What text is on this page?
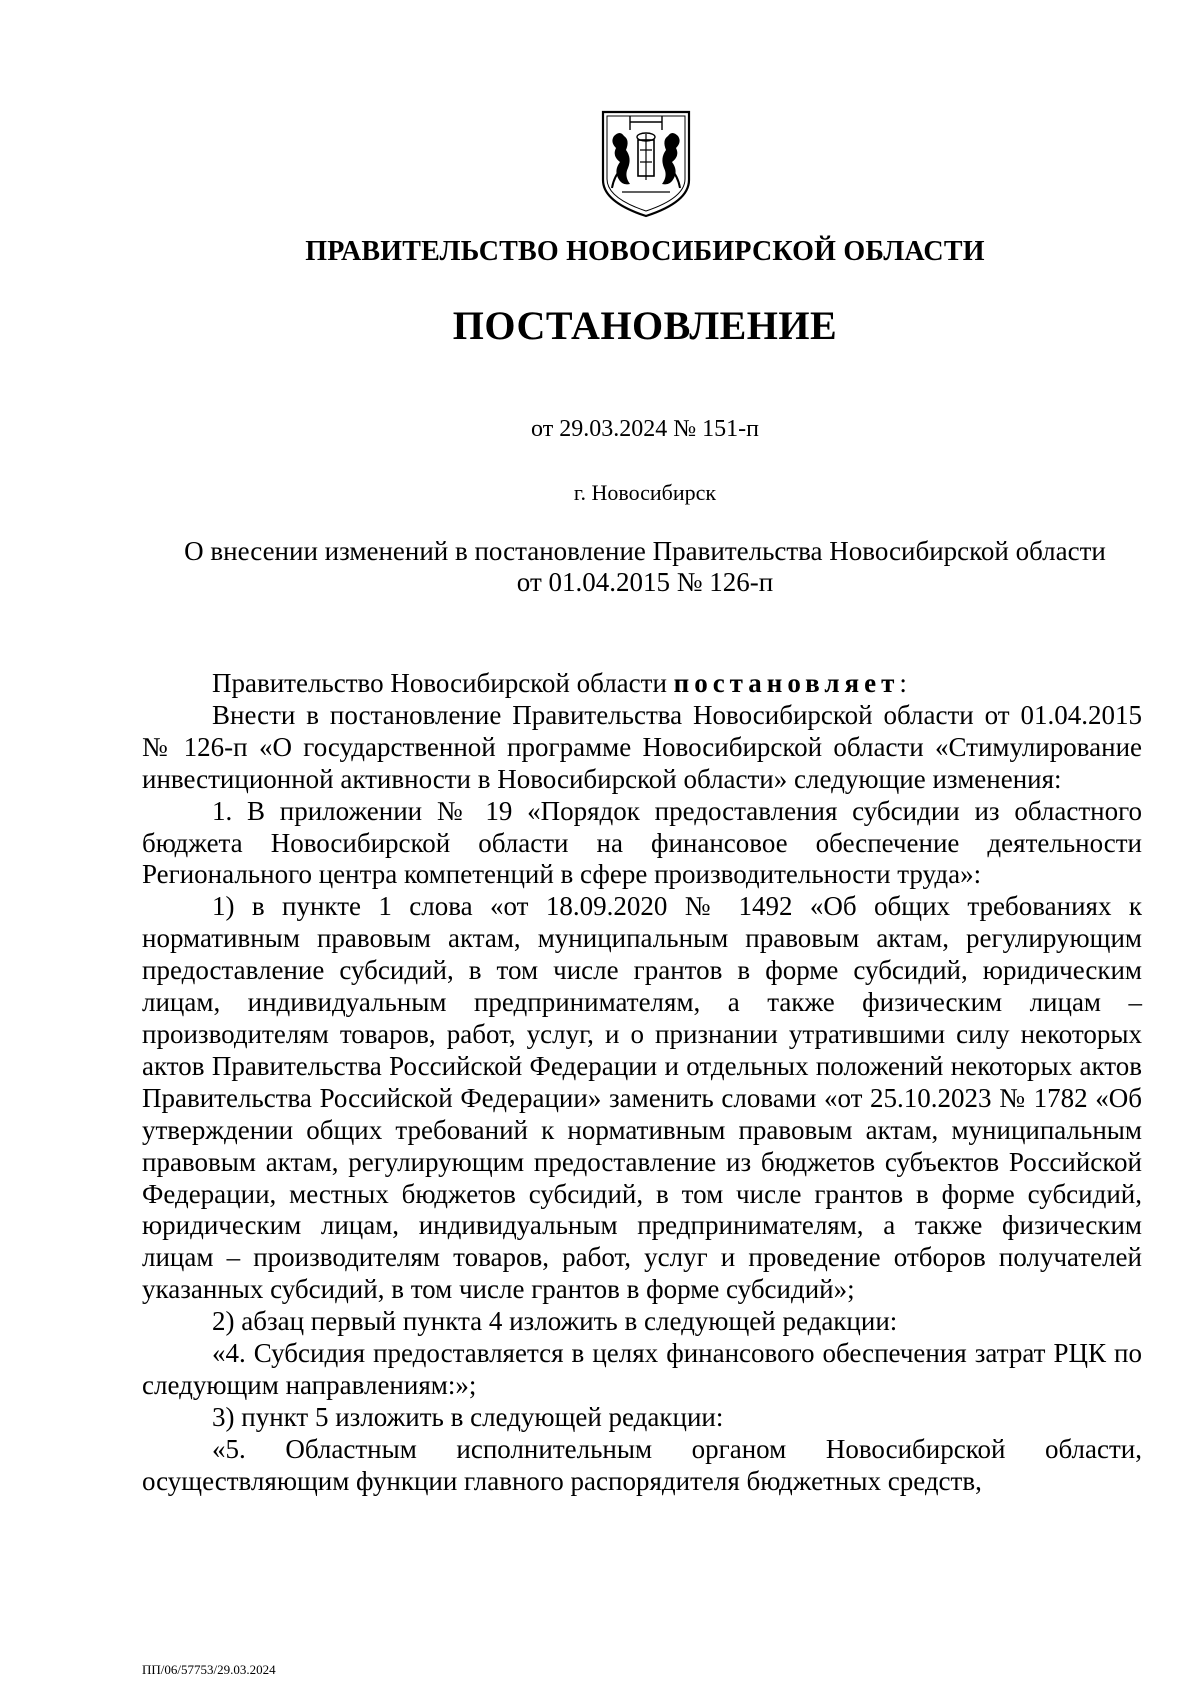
ПРАВИТЕЛЬСТВО НОВОСИБИРСКОЙ ОБЛАСТИ
ПОСТАНОВЛЕНИЕ
от 29.03.2024 № 151-п
г. Новосибирск
О внесении изменений в постановление Правительства Новосибирской области
от 01.04.2015 № 126-п

Правительство Новосибирской области постановляет:

Внести в постановление Правительства Новосибирской области от 01.04.2015 № 126-п «О государственной программе Новосибирской области «Стимулирование инвестиционной активности в Новосибирской области» следующие изменения:

1. В приложении № 19 «Порядок предоставления субсидии из областного бюджета Новосибирской области на финансовое обеспечение деятельности Регионального центра компетенций в сфере производительности труда»:

1) в пункте 1 слова «от 18.09.2020 № 1492 «Об общих требованиях к нормативным правовым актам, муниципальным правовым актам, регулирующим предоставление субсидий, в том числе грантов в форме субсидий, юридическим лицам, индивидуальным предпринимателям, а также физическим лицам – производителям товаров, работ, услуг, и о признании утратившими силу некоторых актов Правительства Российской Федерации и отдельных положений некоторых актов Правительства Российской Федерации» заменить словами «от 25.10.2023 № 1782 «Об утверждении общих требований к нормативным правовым актам, муниципальным правовым актам, регулирующим предоставление из бюджетов субъектов Российской Федерации, местных бюджетов субсидий, в том числе грантов в форме субсидий, юридическим лицам, индивидуальным предпринимателям, а также физическим лицам – производителям товаров, работ, услуг и проведение отборов получателей указанных субсидий, в том числе грантов в форме субсидий»;

2) абзац первый пункта 4 изложить в следующей редакции:

«4. Субсидия предоставляется в целях финансового обеспечения затрат РЦК по следующим направлениям:»;

3) пункт 5 изложить в следующей редакции:

«5. Областным исполнительным органом Новосибирской области, осуществляющим функции главного распорядителя бюджетных средств,

ПП/06/57753/29.03.2024
